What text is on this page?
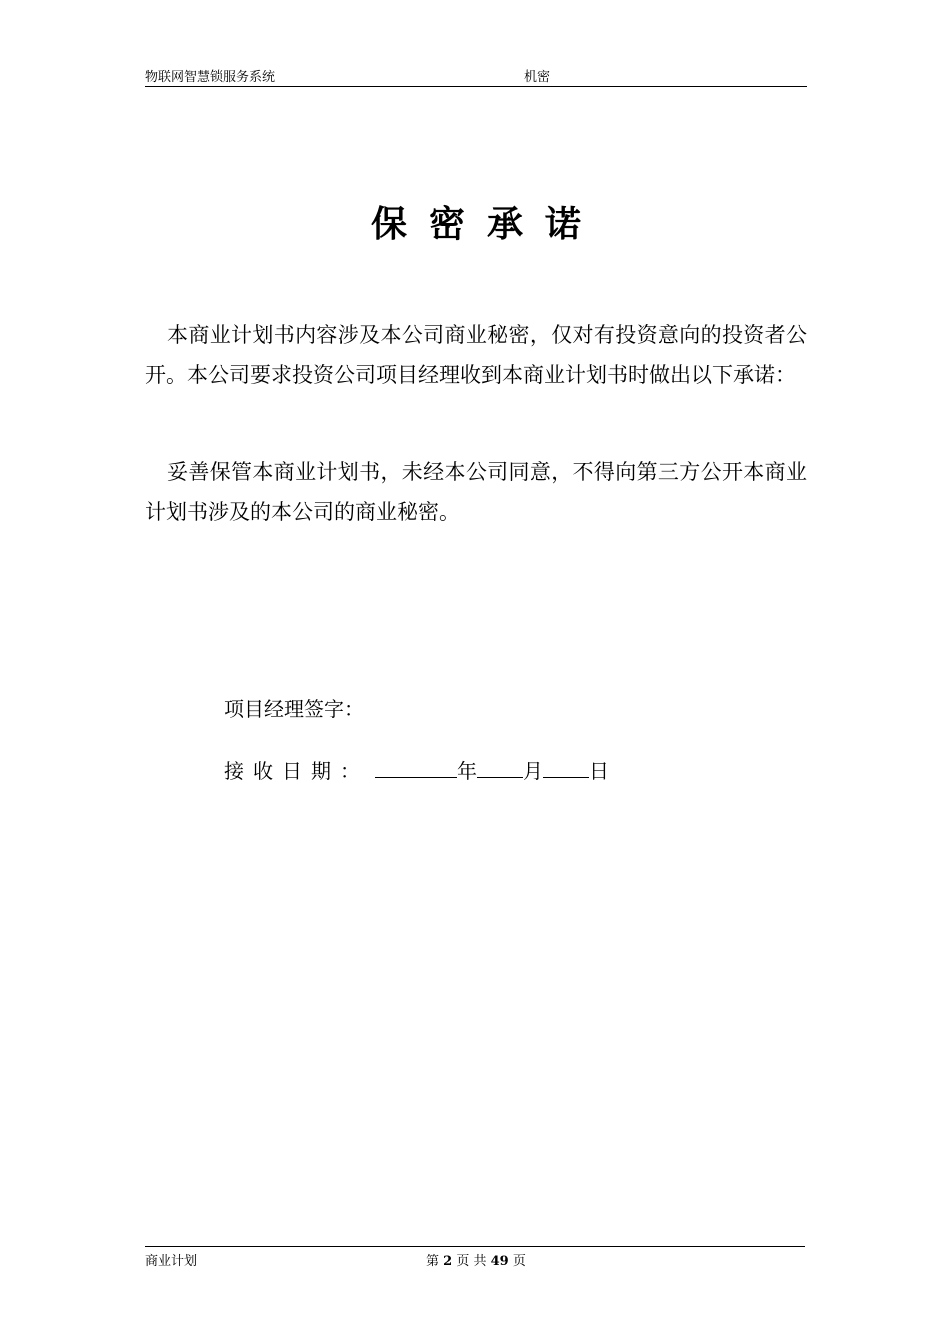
物联网智慧锁服务系统	机密
保密承诺

本商业计划书内容涉及本公司商业秘密，仅对有投资意向的投资者公开。本公司要求投资公司项目经理收到本商业计划书时做出以下承诺：

妥善保管本商业计划书，未经本公司同意，不得向第三方公开本商业计划书涉及的本公司的商业秘密。

项目经理签字：
接收日期：	年 月 日
商业计划	第 2 页 共 49 页
